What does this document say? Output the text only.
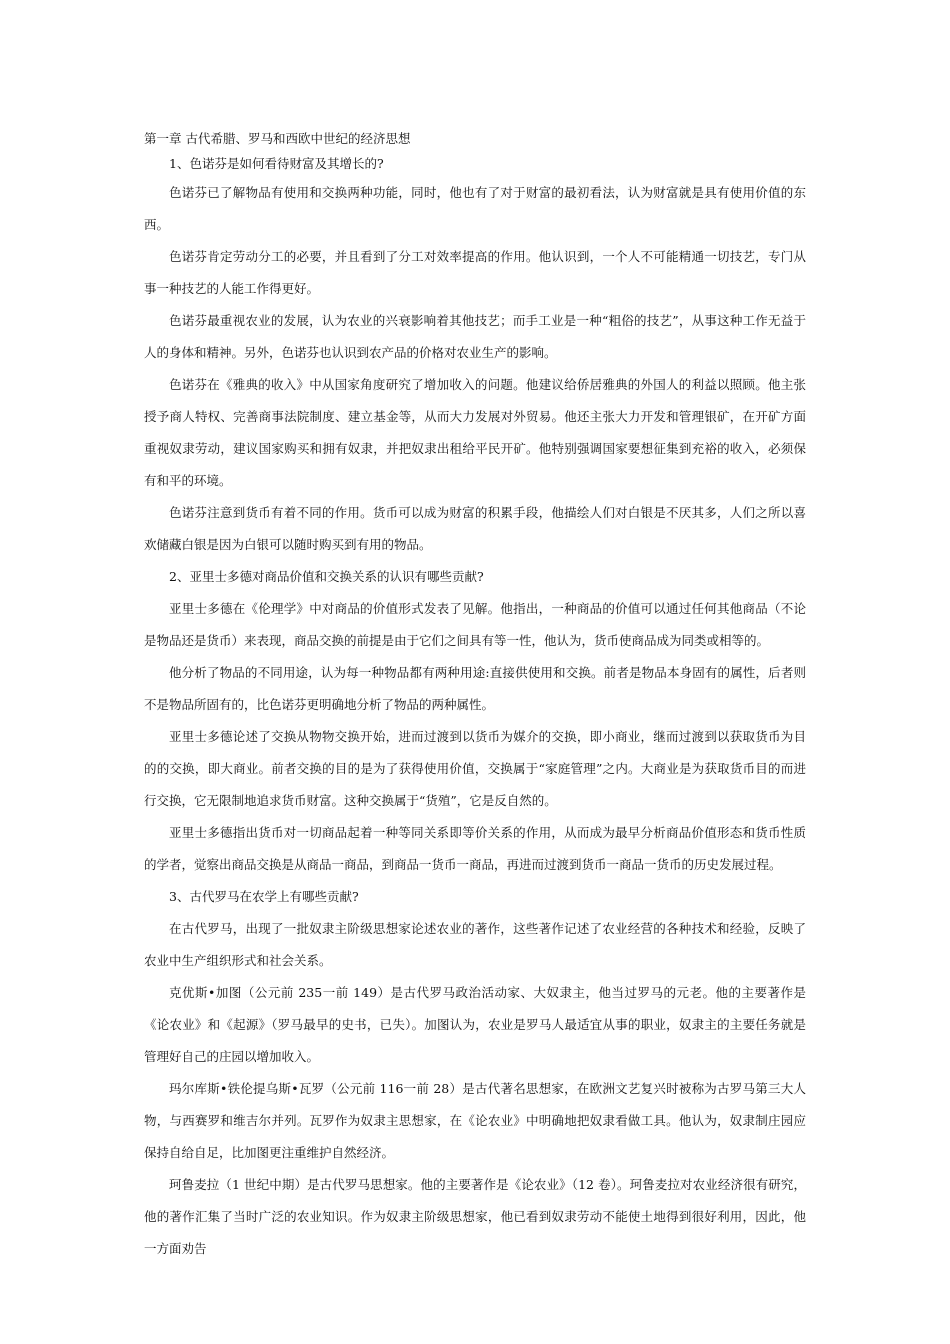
第一章 古代希腊、罗马和西欧中世纪的经济思想
1、色诺芬是如何看待财富及其增长的?

色诺芬已了解物品有使用和交换两种功能，同时，他也有了对于财富的最初看法，认为财富就是具有使用价值的东西。

色诺芬肯定劳动分工的必要，并且看到了分工对效率提高的作用。他认识到，一个人不可能精通一切技艺，专门从事一种技艺的人能工作得更好。

色诺芬最重视农业的发展，认为农业的兴衰影响着其他技艺；而手工业是一种“粗俗的技艺”，从事这种工作无益于人的身体和精神。另外，色诺芬也认识到农产品的价格对农业生产的影响。

色诺芬在《雅典的收入》中从国家角度研究了增加收入的问题。他建议给侨居雅典的外国人的利益以照顾。他主张授予商人特权、完善商事法院制度、建立基金等，从而大力发展对外贸易。他还主张大力开发和管理银矿，在开矿方面重视奴隶劳动，建议国家购买和拥有奴隶，并把奴隶出租给平民开矿。他特别强调国家要想征集到充裕的收入，必须保有和平的环境。

色诺芬注意到货币有着不同的作用。货币可以成为财富的积累手段，他描绘人们对白银是不厌其多，人们之所以喜欢储藏白银是因为白银可以随时购买到有用的物品。

2、亚里士多德对商品价值和交换关系的认识有哪些贡献?

亚里士多德在《伦理学》中对商品的价值形式发表了见解。他指出，一种商品的价值可以通过任何其他商品（不论是物品还是货币）来表现，商品交换的前提是由于它们之间具有等一性，他认为，货币使商品成为同类或相等的。

他分析了物品的不同用途，认为每一种物品都有两种用途:直接供使用和交换。前者是物品本身固有的属性，后者则不是物品所固有的，比色诺芬更明确地分析了物品的两种属性。

亚里士多德论述了交换从物物交换开始，进而过渡到以货币为媒介的交换，即小商业，继而过渡到以获取货币为目的的交换，即大商业。前者交换的目的是为了获得使用价值，交换属于“家庭管理”之内。大商业是为获取货币目的而进行交换，它无限制地追求货币财富。这种交换属于“货殖”，它是反自然的。

亚里士多德指出货币对一切商品起着一种等同关系即等价关系的作用，从而成为最早分析商品价值形态和货币性质的学者，觉察出商品交换是从商品一商品，到商品一货币一商品，再进而过渡到货币一商品一货币的历史发展过程。

3、古代罗马在农学上有哪些贡献?

在古代罗马，出现了一批奴隶主阶级思想家论述农业的著作，这些著作记述了农业经营的各种技术和经验，反映了农业中生产组织形式和社会关系。

克优斯•加图（公元前 235一前 149）是古代罗马政治活动家、大奴隶主，他当过罗马的元老。他的主要著作是《论农业》和《起源》（罗马最早的史书，已失）。加图认为，农业是罗马人最适宜从事的职业，奴隶主的主要任务就是管理好自己的庄园以增加收入。

玛尔库斯•铁伦提乌斯•瓦罗（公元前 116一前 28）是古代著名思想家，在欧洲文艺复兴时被称为古罗马第三大人物，与西赛罗和维吉尔并列。瓦罗作为奴隶主思想家，在《论农业》中明确地把奴隶看做工具。他认为，奴隶制庄园应保持自给自足，比加图更注重维护自然经济。

珂鲁麦拉（1 世纪中期）是古代罗马思想家。他的主要著作是《论农业》（12 卷）。珂鲁麦拉对农业经济很有研究，他的著作汇集了当时广泛的农业知识。作为奴隶主阶级思想家，他已看到奴隶劳动不能使土地得到很好利用，因此，他一方面劝告
